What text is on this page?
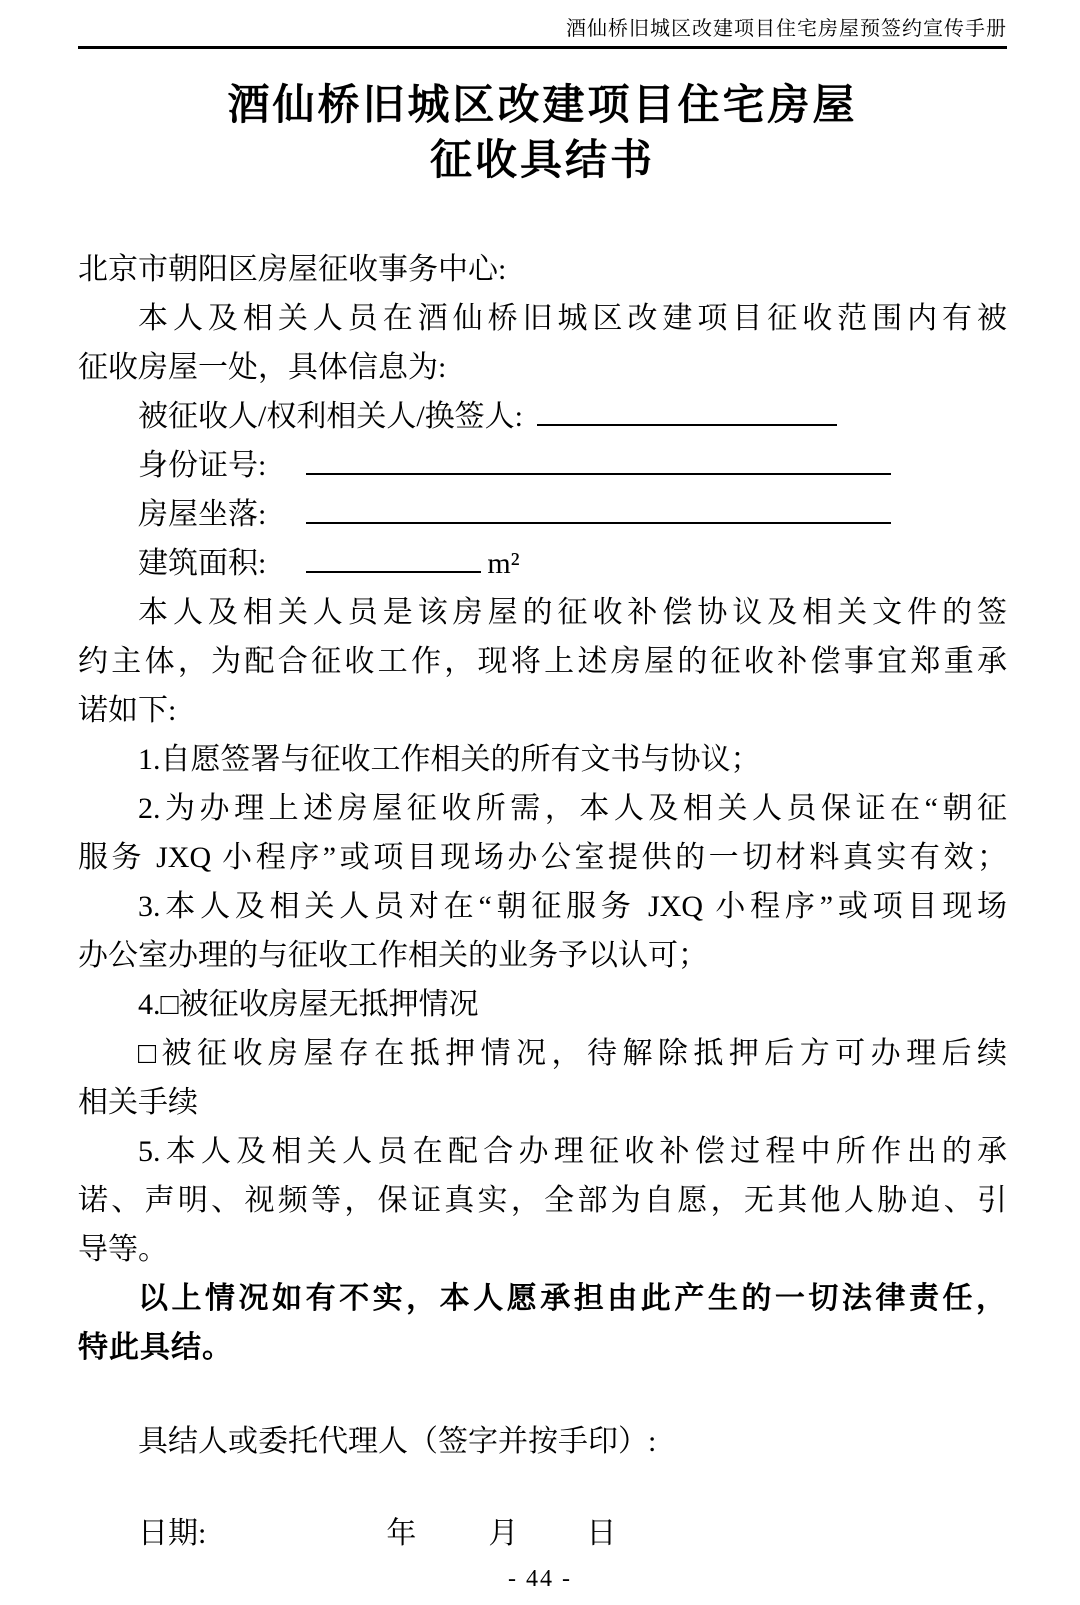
酒仙桥旧城区改建项目住宅房屋预签约宣传手册
酒仙桥旧城区改建项目住宅房屋
征收具结书
北京市朝阳区房屋征收事务中心:
本人及相关人员在酒仙桥旧城区改建项目征收范围内有被
征收房屋一处，具体信息为:
被征收人/权利相关人/换签人:
身份证号:
房屋坐落:
建筑面积:	m²
本人及相关人员是该房屋的征收补偿协议及相关文件的签
约主体，为配合征收工作，现将上述房屋的征收补偿事宜郑重承
诺如下:
1.自愿签署与征收工作相关的所有文书与协议；
2.为办理上述房屋征收所需，本人及相关人员保证在“朝征
服务 JXQ 小程序”或项目现场办公室提供的一切材料真实有效；
3.本人及相关人员对在“朝征服务 JXQ 小程序”或项目现场
办公室办理的与征收工作相关的业务予以认可；
4.□被征收房屋无抵押情况
□被征收房屋存在抵押情况，待解除抵押后方可办理后续
相关手续
5.本人及相关人员在配合办理征收补偿过程中所作出的承
诺、声明、视频等，保证真实，全部为自愿，无其他人胁迫、引
导等。
以上情况如有不实，本人愿承担由此产生的一切法律责任，
特此具结。
具结人或委托代理人（签字并按手印）:
日期:	年 月 日
- 44 -
